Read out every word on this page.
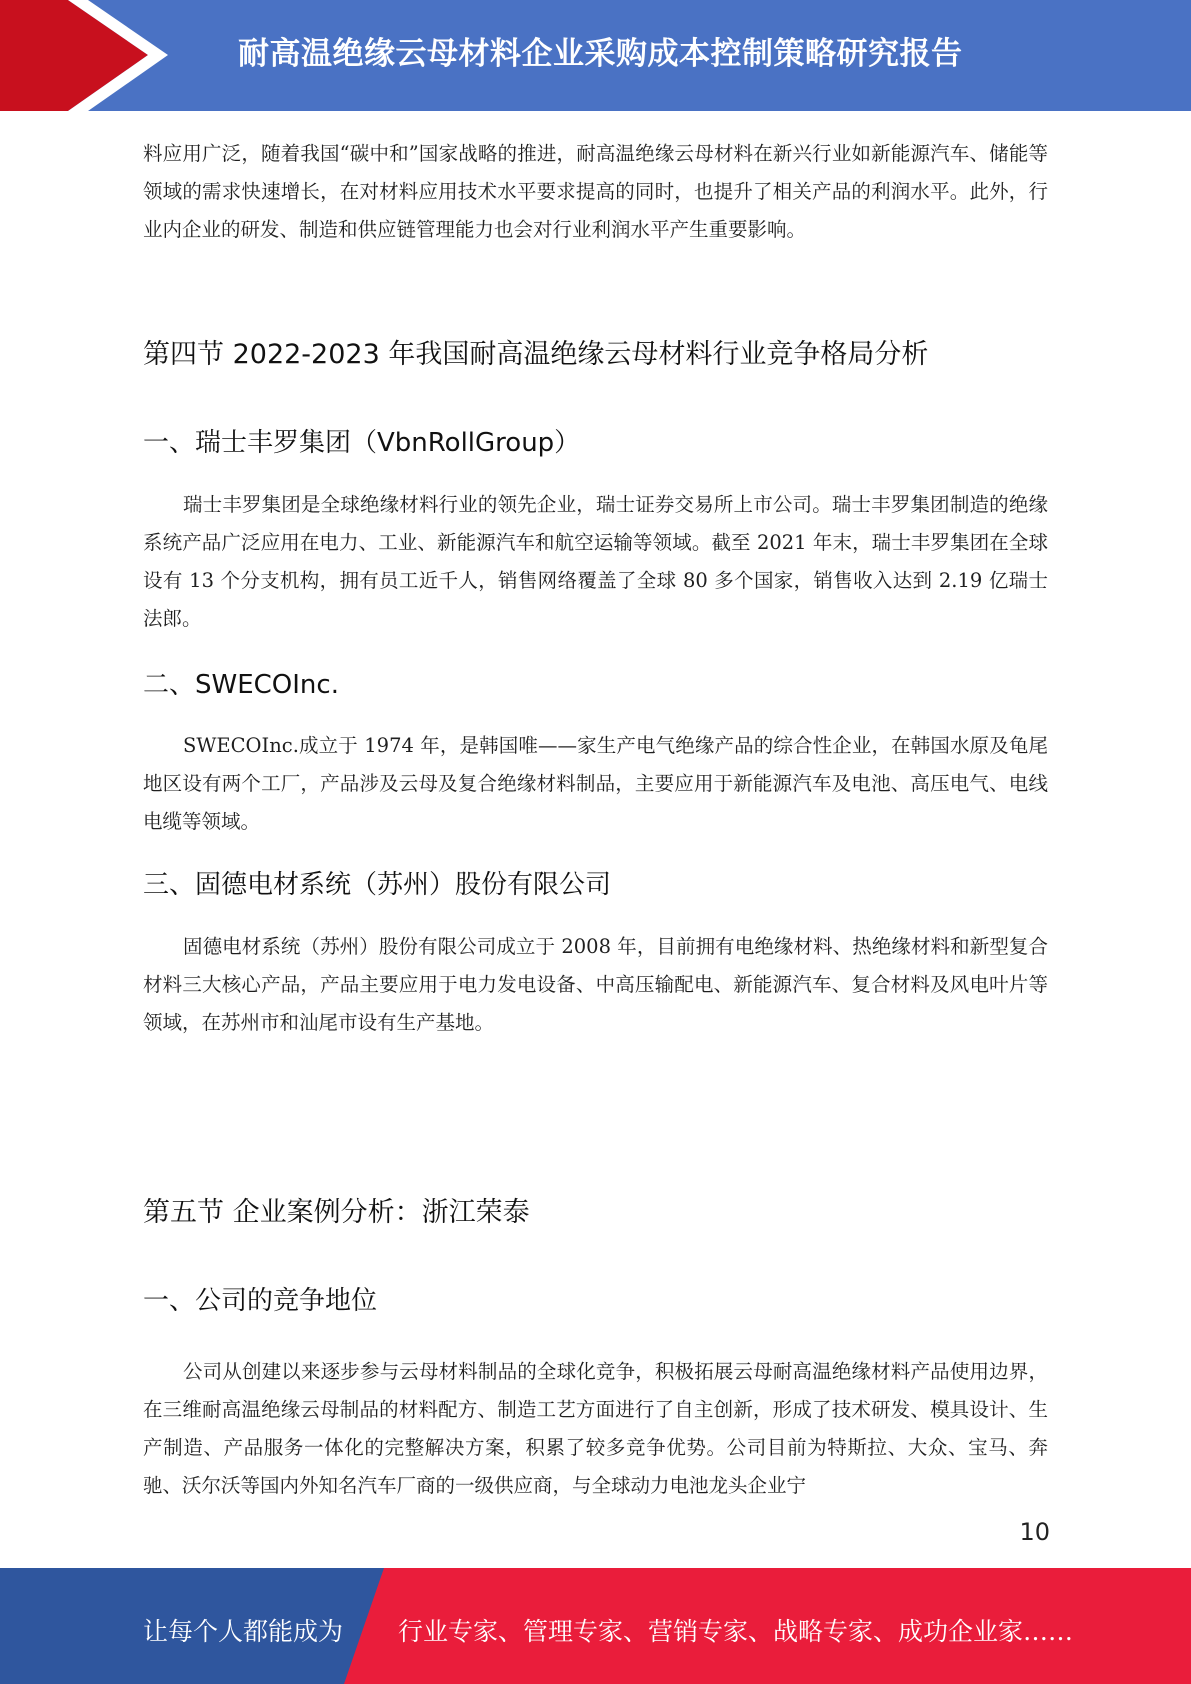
耐高温绝缘云母材料企业采购成本控制策略研究报告

料应用广泛，随着我国“碳中和”国家战略的推进，耐高温绝缘云母材料在新兴行业如新能源汽车、储能等领域的需求快速增长，在对材料应用技术水平要求提高的同时，也提升了相关产品的利润水平。此外，行业内企业的研发、制造和供应链管理能力也会对行业利润水平产生重要影响。

第四节 2022-2023 年我国耐高温绝缘云母材料行业竞争格局分析
一、瑞士丰罗集团（VbnRollGroup）

瑞士丰罗集团是全球绝缘材料行业的领先企业，瑞士证券交易所上市公司。瑞士丰罗集团制造的绝缘系统产品广泛应用在电力、工业、新能源汽车和航空运输等领域。截至 2021 年末，瑞士丰罗集团在全球设有 13 个分支机构，拥有员工近千人，销售网络覆盖了全球 80 多个国家，销售收入达到 2.19 亿瑞士法郎。

二、SWECOInc.

SWECOInc.成立于 1974 年，是韩国唯——家生产电气绝缘产品的综合性企业，在韩国水原及龟尾地区设有两个工厂，产品涉及云母及复合绝缘材料制品，主要应用于新能源汽车及电池、高压电气、电线电缆等领域。

三、固德电材系统（苏州）股份有限公司

固德电材系统（苏州）股份有限公司成立于 2008 年，目前拥有电绝缘材料、热绝缘材料和新型复合材料三大核心产品，产品主要应用于电力发电设备、中高压输配电、新能源汽车、复合材料及风电叶片等领域，在苏州市和汕尾市设有生产基地。

第五节 企业案例分析：浙江荣泰
一、公司的竞争地位

公司从创建以来逐步参与云母材料制品的全球化竞争，积极拓展云母耐高温绝缘材料产品使用边界，在三维耐高温绝缘云母制品的材料配方、制造工艺方面进行了自主创新，形成了技术研发、模具设计、生产制造、产品服务一体化的完整解决方案，积累了较多竞争优势。公司目前为特斯拉、大众、宝马、奔驰、沃尔沃等国内外知名汽车厂商的一级供应商，与全球动力电池龙头企业宁

10
让每个人都能成为 行业专家、管理专家、营销专家、战略专家、成功企业家……
